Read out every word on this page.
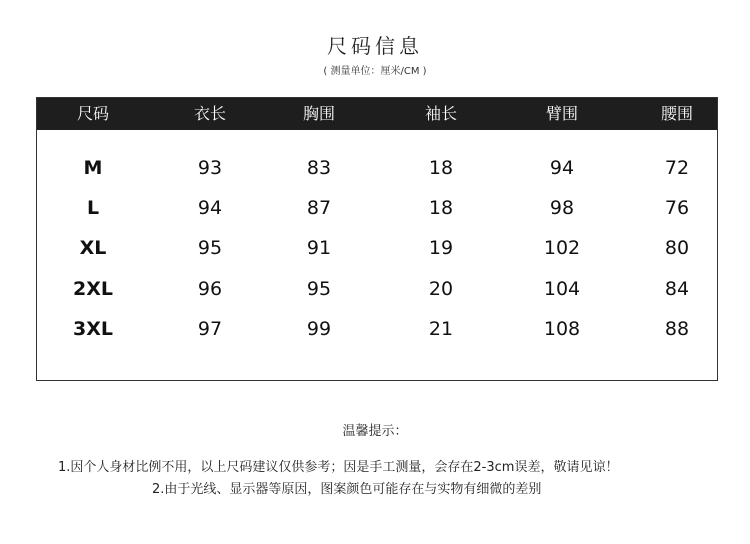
尺码信息
( 测量单位：厘米/CM )
尺码	衣长	胸围	袖长	臂围	腰围
M	93	83	18	94	72
L	94	87	18	98	76
XL	95	91	19	102	80
2XL	96	95	20	104	84
3XL	97	99	21	108	88
温馨提示：
1.因个人身材比例不用，以上尺码建议仅供参考；因是手工测量，会存在2-3cm误差，敬请见谅！
2.由于光线、显示器等原因，图案颜色可能存在与实物有细微的差别
